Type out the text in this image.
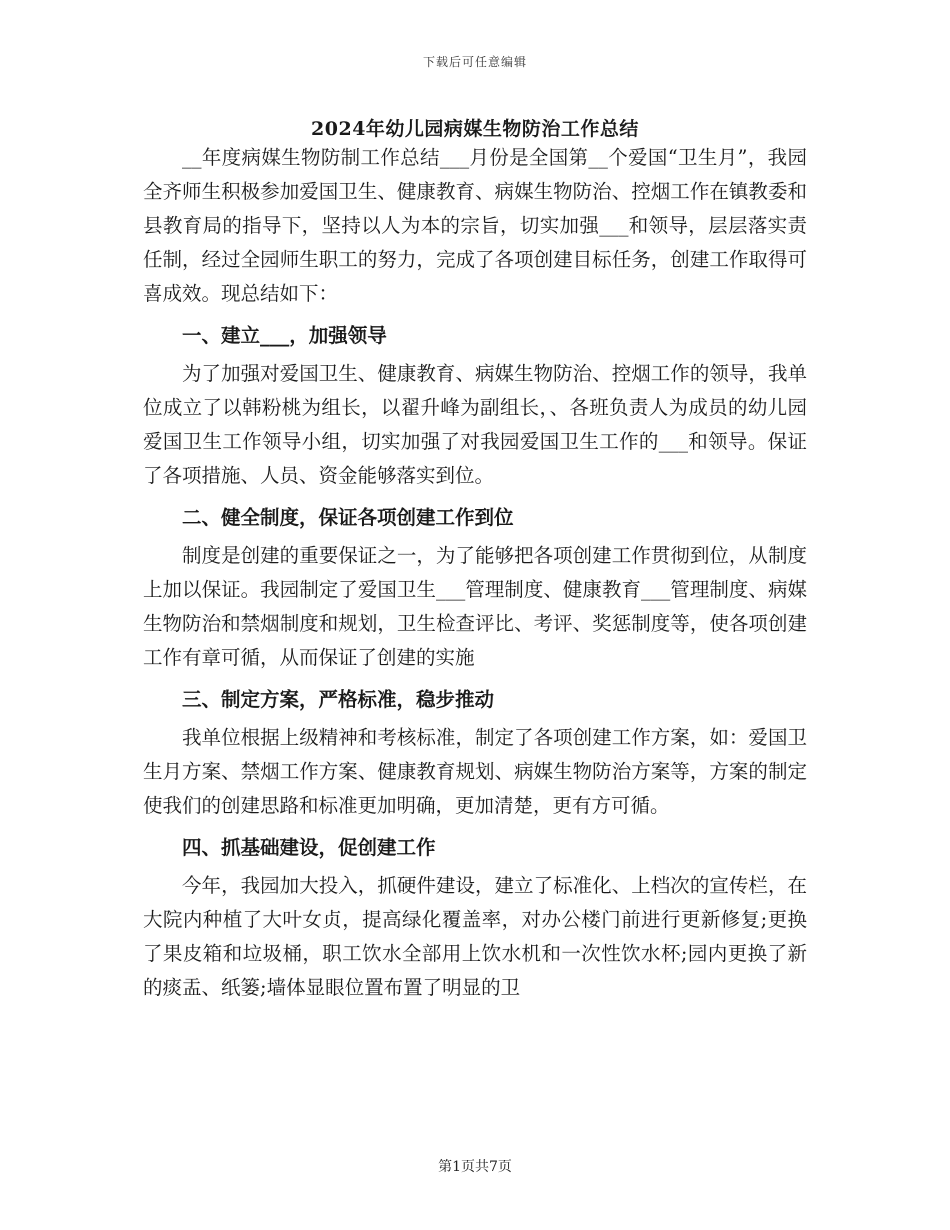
下载后可任意编辑
2024年幼儿园病媒生物防治工作总结

__年度病媒生物防制工作总结___月份是全国第__个爱国“卫生月”，我园全齐师生积极参加爱国卫生、健康教育、病媒生物防治、控烟工作在镇教委和县教育局的指导下，坚持以人为本的宗旨，切实加强___和领导，层层落实责任制，经过全园师生职工的努力，完成了各项创建目标任务，创建工作取得可喜成效。现总结如下：

一、建立___，加强领导

为了加强对爱国卫生、健康教育、病媒生物防治、控烟工作的领导，我单位成立了以韩粉桃为组长，以翟升峰为副组长，、各班负责人为成员的幼儿园爱国卫生工作领导小组，切实加强了对我园爱国卫生工作的___和领导。保证了各项措施、人员、资金能够落实到位。

二、健全制度，保证各项创建工作到位

制度是创建的重要保证之一，为了能够把各项创建工作贯彻到位，从制度上加以保证。我园制定了爱国卫生___管理制度、健康教育___管理制度、病媒生物防治和禁烟制度和规划，卫生检查评比、考评、奖惩制度等，使各项创建工作有章可循，从而保证了创建的实施

三、制定方案，严格标准，稳步推动

我单位根据上级精神和考核标准，制定了各项创建工作方案，如：爱国卫生月方案、禁烟工作方案、健康教育规划、病媒生物防治方案等，方案的制定使我们的创建思路和标准更加明确，更加清楚，更有方可循。

四、抓基础建设，促创建工作

今年，我园加大投入，抓硬件建设，建立了标准化、上档次的宣传栏，在大院内种植了大叶女贞，提高绿化覆盖率，对办公楼门前进行更新修复;更换了果皮箱和垃圾桶，职工饮水全部用上饮水机和一次性饮水杯;园内更换了新的痰盂、纸篓;墙体显眼位置布置了明显的卫

第1页共7页
